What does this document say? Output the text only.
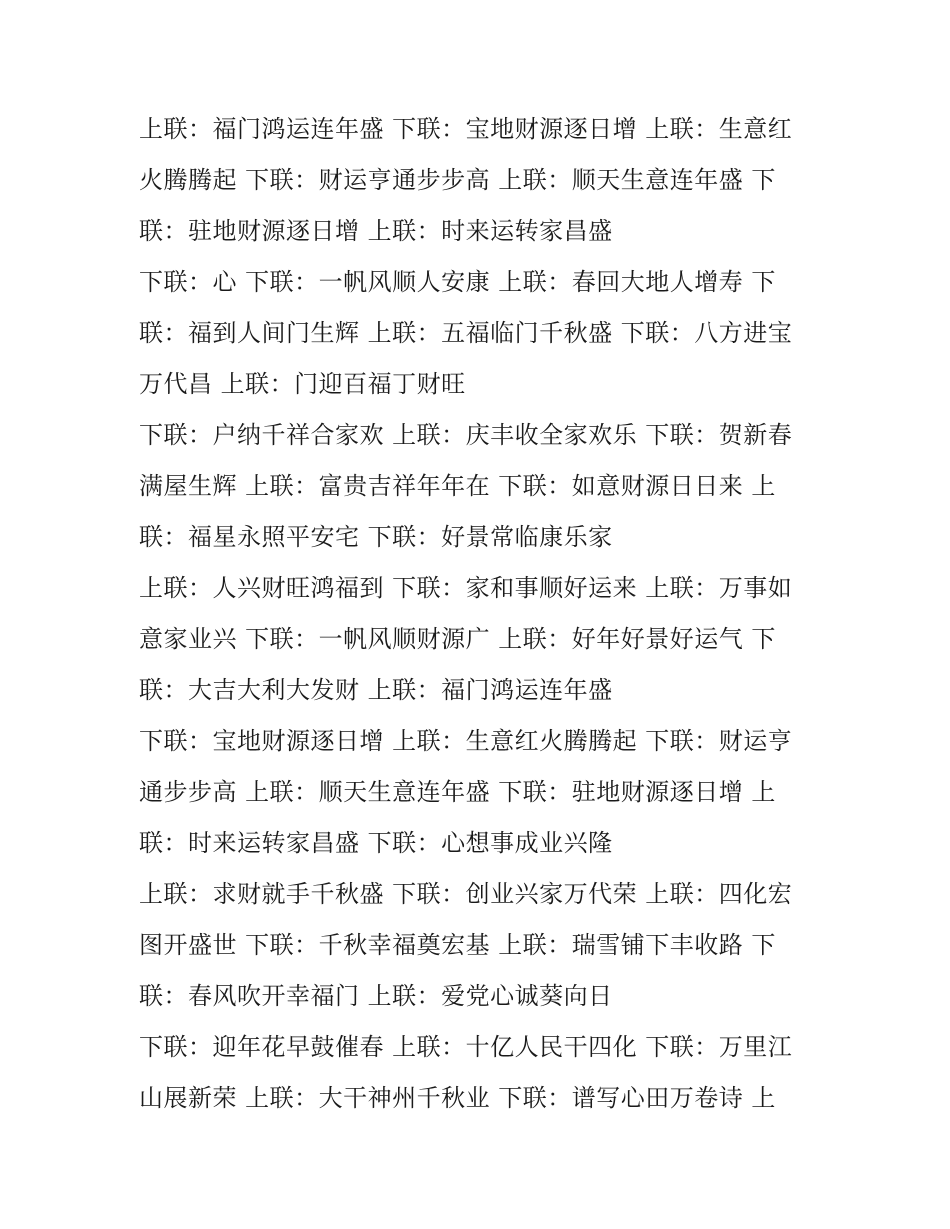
上联：福门鸿运连年盛 下联：宝地财源逐日增 上联：生意红
火腾腾起 下联：财运亨通步步高 上联：顺天生意连年盛 下
联：驻地财源逐日增 上联：时来运转家昌盛
下联：心 下联：一帆风顺人安康 上联：春回大地人增寿 下
联：福到人间门生辉 上联：五福临门千秋盛 下联：八方进宝
万代昌 上联：门迎百福丁财旺
下联：户纳千祥合家欢 上联：庆丰收全家欢乐 下联：贺新春
满屋生辉 上联：富贵吉祥年年在 下联：如意财源日日来 上
联：福星永照平安宅 下联：好景常临康乐家
上联：人兴财旺鸿福到 下联：家和事顺好运来 上联：万事如
意家业兴 下联：一帆风顺财源广 上联：好年好景好运气 下
联：大吉大利大发财 上联：福门鸿运连年盛
下联：宝地财源逐日增 上联：生意红火腾腾起 下联：财运亨
通步步高 上联：顺天生意连年盛 下联：驻地财源逐日增 上
联：时来运转家昌盛 下联：心想事成业兴隆
上联：求财就手千秋盛 下联：创业兴家万代荣 上联：四化宏
图开盛世 下联：千秋幸福奠宏基 上联：瑞雪铺下丰收路 下
联：春风吹开幸福门 上联：爱党心诚葵向日
下联：迎年花早鼓催春 上联：十亿人民干四化 下联：万里江
山展新荣 上联：大干神州千秋业 下联：谱写心田万卷诗 上
